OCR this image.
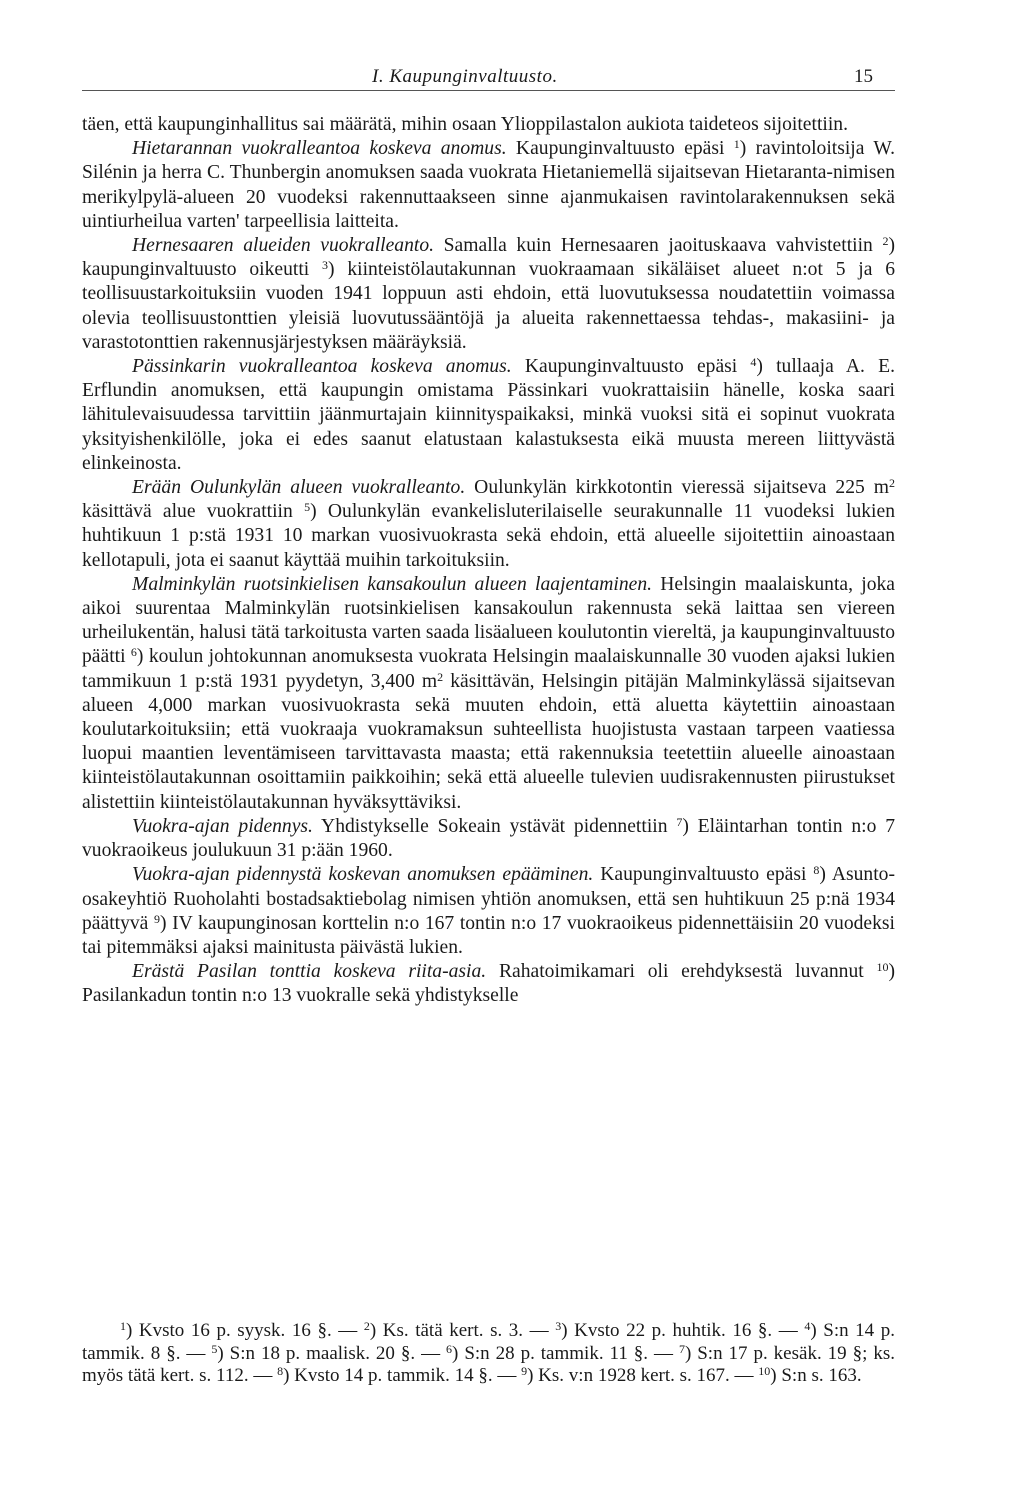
I. Kaupunginvaltuusto.	15

täen, että kaupunginhallitus sai määrätä, mihin osaan Ylioppilastalon aukiota taideteos sijoitettiin.

Hietarannan vuokralleantoa koskeva anomus. Kaupunginvaltuusto epäsi $^1$) ravintoloitsija W. Silénin ja herra C. Thunbergin anomuksen saada vuokrata Hietaniemellä sijaitsevan Hietaranta-nimisen merikylpylä-alueen 20 vuodeksi rakennuttaakseen sinne ajanmukaisen ravintolarakennuksen sekä uintiurheilua varten' tarpeellisia laitteita.

Hernesaaren alueiden vuokralleanto. Samalla kuin Hernesaaren jaoituskaava vahvistettiin $^2$) kaupunginvaltuusto oikeutti $^3$) kiinteistölautakunnan vuokraamaan sikäläiset alueet n:ot 5 ja 6 teollisuustarkoituksiin vuoden 1941 loppuun asti ehdoin, että luovutuksessa noudatettiin voimassa olevia teollisuustonttien yleisiä luovutussääntöjä ja alueita rakennettaessa tehdas-, makasiini- ja varastotonttien rakennusjärjestyksen määräyksiä.

Pässinkarin vuokralleantoa koskeva anomus. Kaupunginvaltuusto epäsi $^4$) tullaaja A. E. Erflundin anomuksen, että kaupungin omistama Pässinkari vuokrattaisiin hänelle, koska saari lähitulevaisuudessa tarvittiin jäänmurtajain kiinnityspaikaksi, minkä vuoksi sitä ei sopinut vuokrata yksityishenkilölle, joka ei edes saanut elatustaan kalastuksesta eikä muusta mereen liittyvästä elinkeinosta.

Erään Oulunkylän alueen vuokralleanto. Oulunkylän kirkkotontin vieressä sijaitseva 225 $m^2$ käsittävä alue vuokrattiin $^5$) Oulunkylän evankelisluterilaiselle seurakunnalle 11 vuodeksi lukien huhtikuun 1 p:stä 1931 10 markan vuosivuokrasta sekä ehdoin, että alueelle sijoitettiin ainoastaan kellotapuli, jota ei saanut käyttää muihin tarkoituksiin.

Malminkylän ruotsinkielisen kansakoulun alueen laajentaminen. Helsingin maalaiskunta, joka aikoi suurentaa Malminkylän ruotsinkielisen kansakoulun rakennusta sekä laittaa sen viereen urheilukentän, halusi tätä tarkoitusta varten saada lisäalueen koulutontin viereltä, ja kaupunginvaltuusto päätti $^6$) koulun johtokunnan anomuksesta vuokrata Helsingin maalaiskunnalle 30 vuoden ajaksi lukien tammikuun 1 p:stä 1931 pyydetyn, 3,400 $m^2$ käsittävän, Helsingin pitäjän Malminkylässä sijaitsevan alueen 4,000 markan vuosivuokrasta sekä muuten ehdoin, että aluetta käytettiin ainoastaan koulutarkoituksiin; että vuokraaja vuokramaksun suhteellista huojistusta vastaan tarpeen vaatiessa luopui maantien leventämiseen tarvittavasta maasta; että rakennuksia teetettiin alueelle ainoastaan kiinteistölautakunnan osoittamiin paikkoihin; sekä että alueelle tulevien uudisrakennusten piirustukset alistettiin kiinteistölautakunnan hyväksyttäviksi.

Vuokra-ajan pidennys. Yhdistykselle Sokeain ystävät pidennettiin $^7$) Eläintarhan tontin n:o 7 vuokraoikeus joulukuun 31 p:ään 1960.

Vuokra-ajan pidennystä koskevan anomuksen epääminen. Kaupunginvaltuusto epäsi $^8$) Asunto-osakeyhtiö Ruoholahti bostadsaktiebolag nimisen yhtiön anomuksen, että sen huhtikuun 25 p:nä 1934 päättyvä $^9$) IV kaupunginosan korttelin n:o 167 tontin n:o 17 vuokraoikeus pidennettäisiin 20 vuodeksi tai pitemmäksi ajaksi mainitusta päivästä lukien.

Erästä Pasilan tonttia koskeva riita-asia. Rahatoimikamari oli erehdyksestä luvannut $^{10}$) Pasilankadun tontin n:o 13 vuokralle sekä yhdistykselle

$^1$) Kvsto 16 p. syysk. 16 §. — $^2$) Ks. tätä kert. s. 3. — $^3$) Kvsto 22 p. huhtik. 16 §. — $^4$) S:n 14 p. tammik. 8 §. — $^5$) S:n 18 p. maalisk. 20 §. — $^6$) S:n 28 p. tammik. 11 §. — $^7$) S:n 17 p. kesäk. 19 §; ks. myös tätä kert. s. 112. — $^8$) Kvsto 14 p. tammik. 14 §. — $^9$) Ks. v:n 1928 kert. s. 167. — $^{10}$) S:n s. 163.
